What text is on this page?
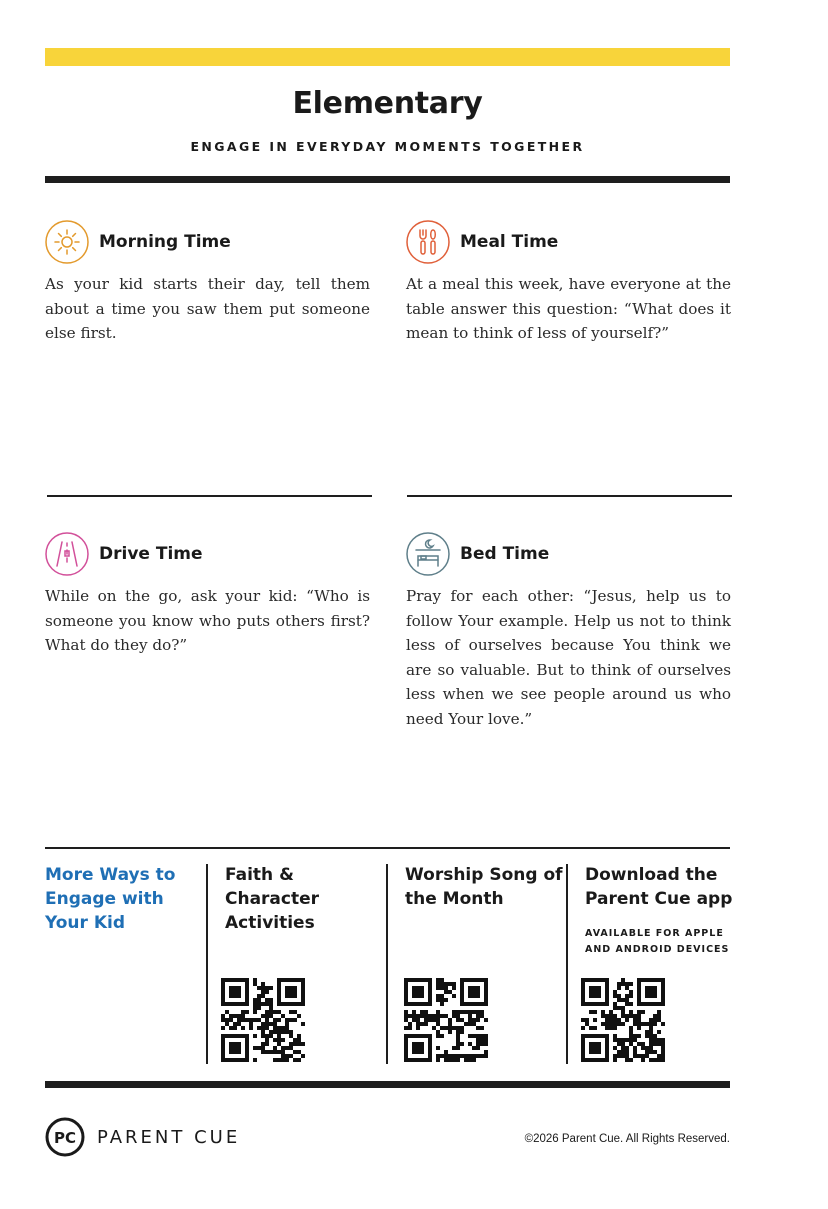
Elementary
ENGAGE IN EVERYDAY MOMENTS TOGETHER
Morning Time
As your kid starts their day, tell them about a time you saw them put someone else first.
Meal Time
At a meal this week, have everyone at the table answer this question: “What does it mean to think of less of yourself?”
Drive Time
While on the go, ask your kid: “Who is someone you know who puts others first? What do they do?”
Bed Time
Pray for each other: “Jesus, help us to follow Your example. Help us not to think less of ourselves because You think we are so valuable. But to think of ourselves less when we see people around us who need Your love.”
More Ways to Engage with Your Kid
Faith & Character Activities
Worship Song of the Month
Download the Parent Cue app
AVAILABLE FOR APPLE AND ANDROID DEVICES
PC PARENT CUE	©2026 Parent Cue. All Rights Reserved.
